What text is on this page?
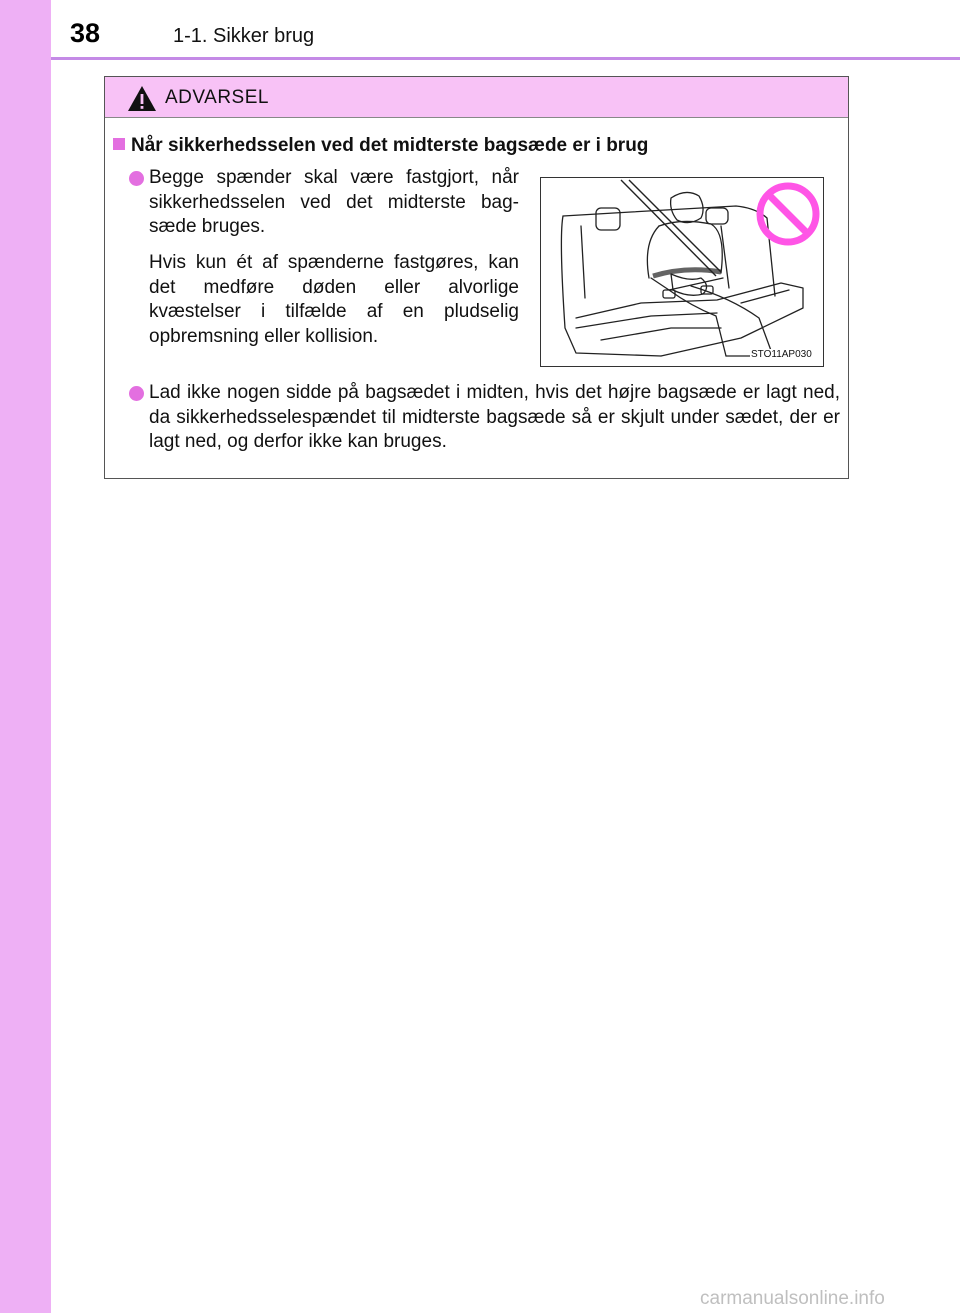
38	1-1. Sikker brug
ADVARSEL
Når sikkerhedsselen ved det midterste bagsæde er i brug
Begge spænder skal være fastgjort, når sikkerhedsselen ved det midterste bag-sæde bruges.
Hvis kun ét af spænderne fastgøres, kan det medføre døden eller alvorlige kvæstelser i tilfælde af en pludselig opbremsning eller kollision.
STO11AP030
Lad ikke nogen sidde på bagsædet i midten, hvis det højre bagsæde er lagt ned, da sikkerhedsselespændet til midterste bagsæde så er skjult under sædet, der er lagt ned, og derfor ikke kan bruges.
carmanualsonline.info
